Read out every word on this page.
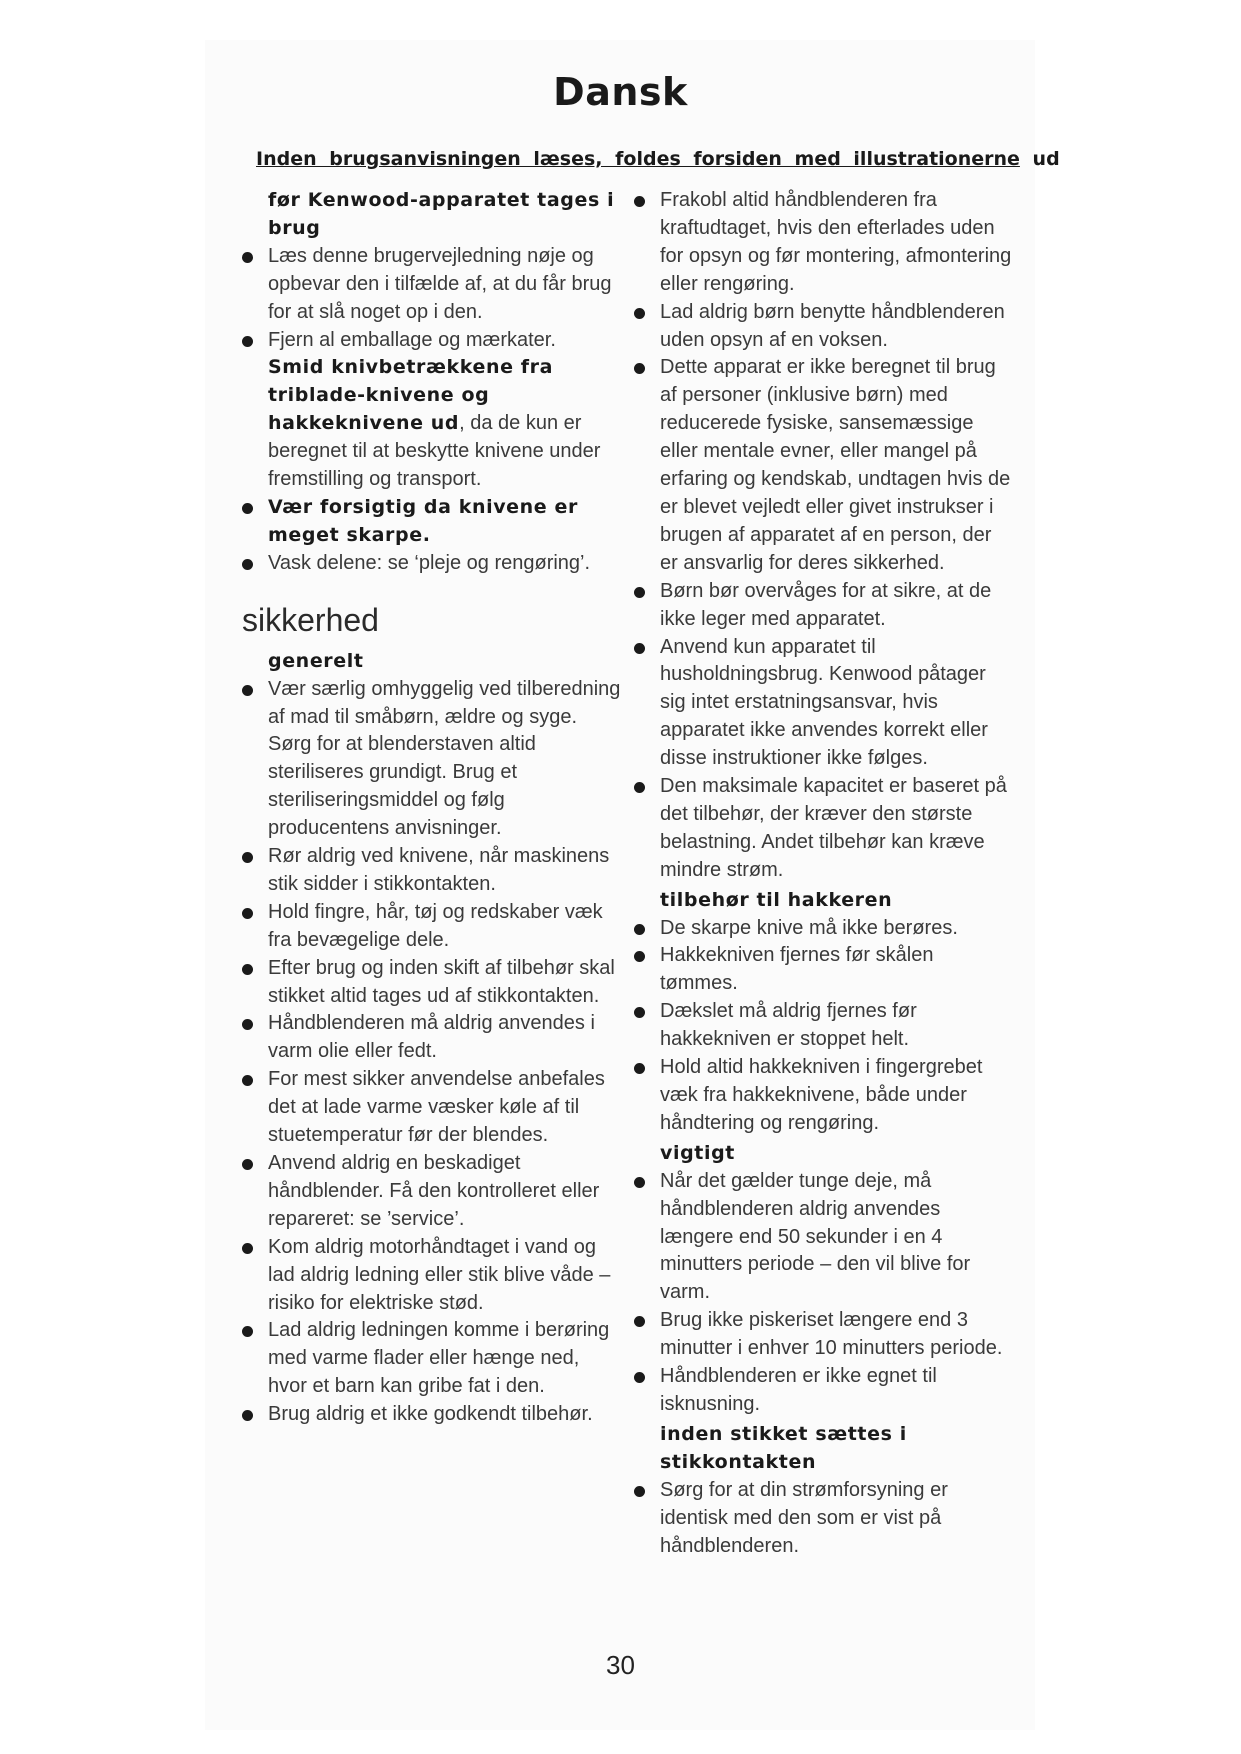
Dansk
Inden brugsanvisningen læses, foldes forsiden med illustrationerne ud

før Kenwood-apparatet tages i brug

Læs denne brugervejledning nøje og opbevar den i tilfælde af, at du får brug for at slå noget op i den.

Fjern al emballage og mærkater.

Smid knivbetrækkene fra triblade-knivene og hakkeknivene ud, da de kun er beregnet til at beskytte knivene under fremstilling og transport.

Vær forsigtig da knivene er meget skarpe.

Vask delene: se ‘pleje og rengøring’.

sikkerhed

generelt

Vær særlig omhyggelig ved tilberedning af mad til småbørn, ældre og syge. Sørg for at blenderstaven altid steriliseres grundigt. Brug et steriliseringsmiddel og følg producentens anvisninger.

Rør aldrig ved knivene, når maskinens stik sidder i stikkontakten.

Hold fingre, hår, tøj og redskaber væk fra bevægelige dele.

Efter brug og inden skift af tilbehør skal stikket altid tages ud af stikkontakten.

Håndblenderen må aldrig anvendes i varm olie eller fedt.

For mest sikker anvendelse anbefales det at lade varme væsker køle af til stuetemperatur før der blendes.

Anvend aldrig en beskadiget håndblender. Få den kontrolleret eller repareret: se ’service’.

Kom aldrig motorhåndtaget i vand og lad aldrig ledning eller stik blive våde – risiko for elektriske stød.

Lad aldrig ledningen komme i berøring med varme flader eller hænge ned, hvor et barn kan gribe fat i den.

Brug aldrig et ikke godkendt tilbehør.

Frakobl altid håndblenderen fra kraftudtaget, hvis den efterlades uden for opsyn og før montering, afmontering eller rengøring.

Lad aldrig børn benytte håndblenderen uden opsyn af en voksen.

Dette apparat er ikke beregnet til brug af personer (inklusive børn) med reducerede fysiske, sansemæssige eller mentale evner, eller mangel på erfaring og kendskab, undtagen hvis de er blevet vejledt eller givet instrukser i brugen af apparatet af en person, der er ansvarlig for deres sikkerhed.

Børn bør overvåges for at sikre, at de ikke leger med apparatet.

Anvend kun apparatet til husholdningsbrug. Kenwood påtager sig intet erstatningsansvar, hvis apparatet ikke anvendes korrekt eller disse instruktioner ikke følges.

Den maksimale kapacitet er baseret på det tilbehør, der kræver den største belastning. Andet tilbehør kan kræve mindre strøm.

tilbehør til hakkeren

De skarpe knive må ikke berøres.

Hakkekniven fjernes før skålen tømmes.

Dækslet må aldrig fjernes før hakkekniven er stoppet helt.

Hold altid hakkekniven i fingergrebet væk fra hakkeknivene, både under håndtering og rengøring.

vigtigt

Når det gælder tunge deje, må håndblenderen aldrig anvendes længere end 50 sekunder i en 4 minutters periode – den vil blive for varm.

Brug ikke piskeriset længere end 3 minutter i enhver 10 minutters periode.

Håndblenderen er ikke egnet til isknusning.

inden stikket sættes i stikkontakten

Sørg for at din strømforsyning er identisk med den som er vist på håndblenderen.

30
